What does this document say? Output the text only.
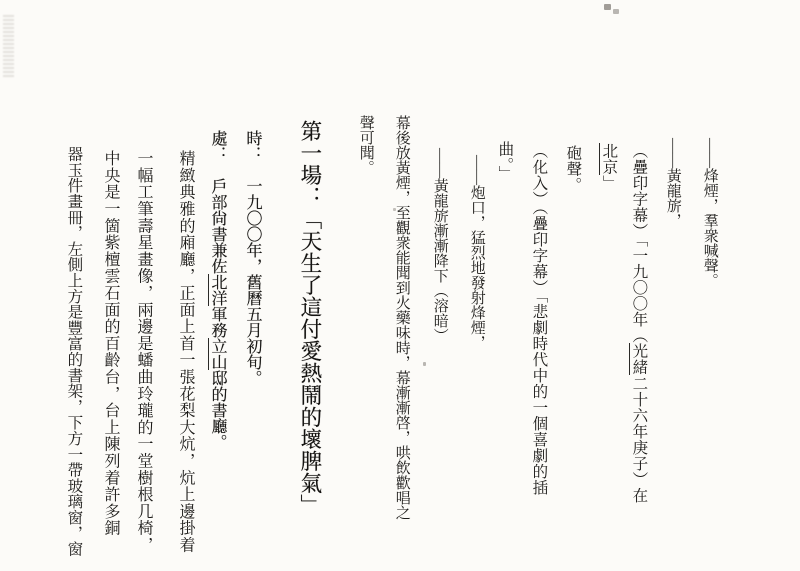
——烽煙，羣衆喊聲。
——黃龍旂，
（疊印字幕）「一九〇〇年（光緒二十六年庚子）在
北京」
砲聲。
（化入）（疊印字幕）「悲劇時代中的一個喜劇的插
曲。」
——炮口，猛烈地發射烽煙，
——黃龍旂漸漸降下（溶暗）
幕後放黃煙，至觀衆能聞到火藥味時，幕漸漸啓，哄飲歡唱之
聲可聞。
第一場：「天生了這付愛熱鬧的壞脾氣」
時：　一九〇〇年，舊曆五月初旬。
處：　戶部尙書兼佐北洋軍務立山邸的書廳。
精緻典雅的廂廳，正面上首一張花梨大炕，炕上邊掛着
一幅工筆壽星畫像，兩邊是蟠曲玲瓏的一堂樹根几椅，
中央是一箇紫檀雲石面的百齡台，台上陳列着許多銅
器玉件畫冊，左側上方是豐富的書架，下方一帶玻璃窗，窗
